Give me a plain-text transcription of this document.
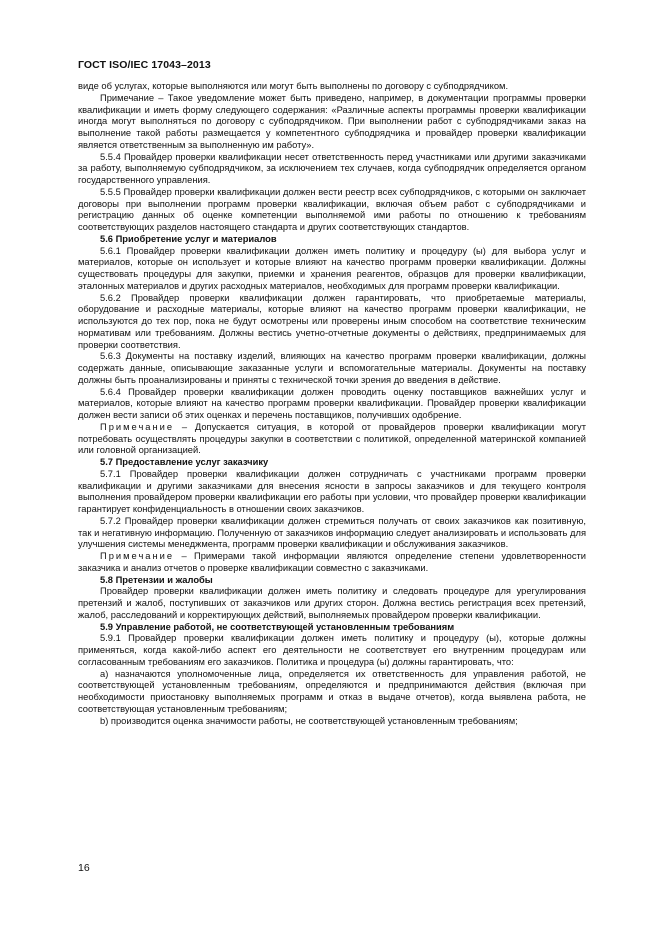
ГОСТ ISO/IEC 17043–2013

виде об услугах, которые выполняются или могут быть выполнены по договору с субподрядчиком.

Примечание – Такое уведомление может быть приведено, например, в документации программы проверки квалификации и иметь форму следующего содержания: «Различные аспекты программы проверки квалификации иногда могут выполняться по договору с субподрядчиком. При выполнении работ с субподрядчиками заказ на выполнение такой работы размещается у компетентного субподрядчика и провайдер проверки квалификации является ответственным за выполненную им работу».

5.5.4 Провайдер проверки квалификации несет ответственность перед участниками или другими заказчиками за работу, выполняемую субподрядчиком, за исключением тех случаев, когда субподрядчик определяется органом государственного управления.

5.5.5 Провайдер проверки квалификации должен вести реестр всех субподрядчиков, с которыми он заключает договоры при выполнении программ проверки квалификации, включая объем работ с субподрядчиками и регистрацию данных об оценке компетенции выполняемой ими работы по отношению к требованиям соответствующих разделов настоящего стандарта и других соответствующих стандартов.

5.6 Приобретение услуг и материалов

5.6.1 Провайдер проверки квалификации должен иметь политику и процедуру (ы) для выбора услуг и материалов, которые он использует и которые влияют на качество программ проверки квалификации. Должны существовать процедуры для закупки, приемки и хранения реагентов, образцов для проверки квалификации, эталонных материалов и других расходных материалов, необходимых для программ проверки квалификации.

5.6.2 Провайдер проверки квалификации должен гарантировать, что приобретаемые материалы, оборудование и расходные материалы, которые влияют на качество программ проверки квалификации, не используются до тех пор, пока не будут осмотрены или проверены иным способом на соответствие техническим нормативам или требованиям. Должны вестись учетно-отчетные документы о действиях, предпринимаемых для проверки соответствия.

5.6.3 Документы на поставку изделий, влияющих на качество программ проверки квалификации, должны содержать данные, описывающие заказанные услуги и вспомогательные материалы. Документы на поставку должны быть проанализированы и приняты с технической точки зрения до введения в действие.

5.6.4 Провайдер проверки квалификации должен проводить оценку поставщиков важнейших услуг и материалов, которые влияют на качество программ проверки квалификации. Провайдер проверки квалификации должен вести записи об этих оценках и перечень поставщиков, получивших одобрение.

Примечание – Допускается ситуация, в которой от провайдеров проверки квалификации могут потребовать осуществлять процедуры закупки в соответствии с политикой, определенной материнской компанией или головной организацией.

5.7 Предоставление услуг заказчику

5.7.1 Провайдер проверки квалификации должен сотрудничать с участниками программ проверки квалификации и другими заказчиками для внесения ясности в запросы заказчиков и для текущего контроля выполнения провайдером проверки квалификации его работы при условии, что провайдер проверки квалификации гарантирует конфиденциальность в отношении своих заказчиков.

5.7.2 Провайдер проверки квалификации должен стремиться получать от своих заказчиков как позитивную, так и негативную информацию. Полученную от заказчиков информацию следует анализировать и использовать для улучшения системы менеджмента, программ проверки квалификации и обслуживания заказчиков.

Примечание – Примерами такой информации являются определение степени удовлетворенности заказчика и анализ отчетов о проверке квалификации совместно с заказчиками.

5.8 Претензии и жалобы

Провайдер проверки квалификации должен иметь политику и следовать процедуре для урегулирования претензий и жалоб, поступивших от заказчиков или других сторон. Должна вестись регистрация всех претензий, жалоб, расследований и корректирующих действий, выполняемых провайдером проверки квалификации.

5.9 Управление работой, не соответствующей установленным требованиям

5.9.1 Провайдер проверки квалификации должен иметь политику и процедуру (ы), которые должны применяться, когда какой-либо аспект его деятельности не соответствует его внутренним процедурам или согласованным требованиям его заказчиков. Политика и процедура (ы) должны гарантировать, что:

а) назначаются уполномоченные лица, определяется их ответственность для управления работой, не соответствующей установленным требованиям, определяются и предпринимаются действия (включая при необходимости приостановку выполняемых программ и отказ в выдаче отчетов), когда выявлена работа, не соответствующая установленным требованиям;

b) производится оценка значимости работы, не соответствующей установленным требованиям;

16
